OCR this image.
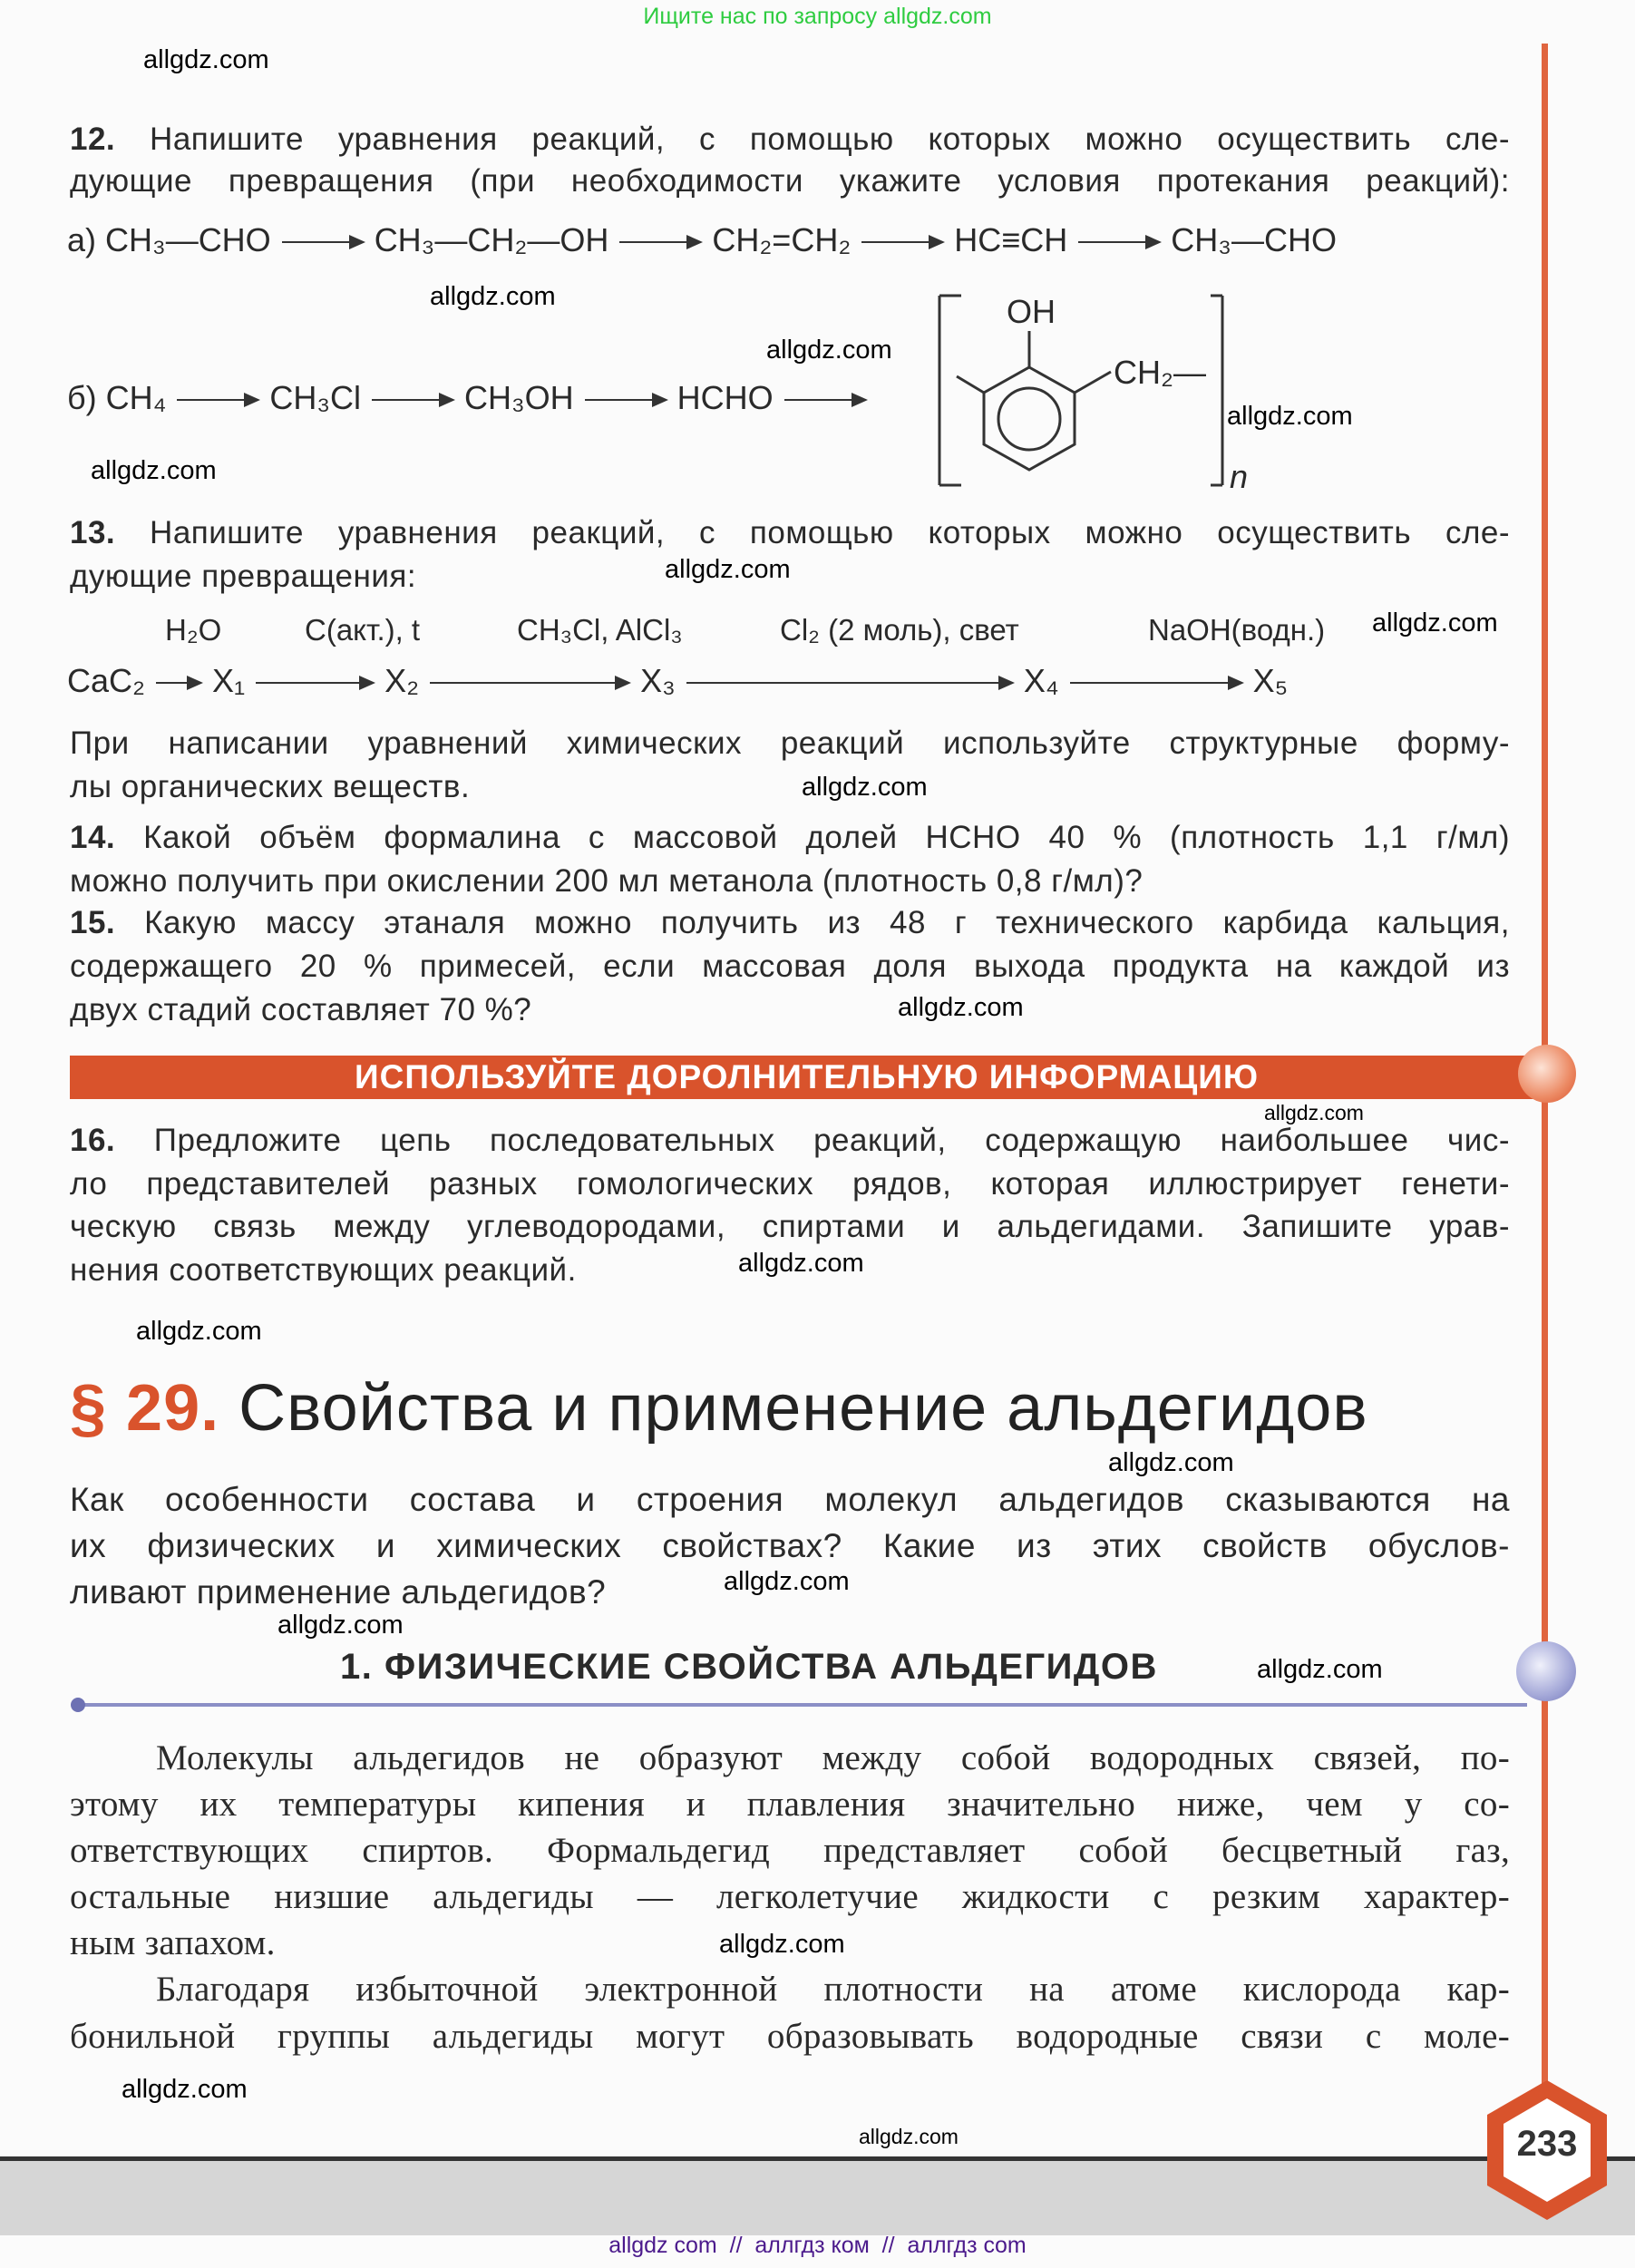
Ищите нас по запросу allgdz.com
12. Напишите уравнения реакций, с помощью которых можно осуществить сле-
дующие превращения (при необходимости укажите условия протекания реакций):
а) CH₃—CHO	CH₃—CH₂—OH	CH₂=CH₂	HC≡CH	CH₃—CHO
б) CH₄	CH₃Cl	CH₃OH	HCHO
OH
CH₂—
n
13. Напишите уравнения реакций, с помощью которых можно осуществить сле-
дующие превращения:
H₂O	C(акт.), t	CH₃Cl, AlCl₃	Cl₂ (2 моль), свет	NaOH(водн.)
CaC₂ X₁	X₂	X₃	X₄	X₅
При написании уравнений химических реакций используйте структурные форму-
лы органических веществ.
14. Какой объём формалина с массовой долей HCHO 40 % (плотность 1,1 г/мл)
можно получить при окислении 200 мл метанола (плотность 0,8 г/мл)?
15. Какую массу этаналя можно получить из 48 г технического карбида кальция,
содержащего 20 % примесей, если массовая доля выхода продукта на каждой из
двух стадий составляет 70 %?
ИСПОЛЬЗУЙТЕ ДОРОЛНИТЕЛЬНУЮ ИНФОРМАЦИЮ
16. Предложите цепь последовательных реакций, содержащую наибольшее чис-
ло представителей разных гомологических рядов, которая иллюстрирует генети-
ческую связь между углеводородами, спиртами и альдегидами. Запишите урав-
нения соответствующих реакций.
§ 29. Свойства и применение альдегидов
Как особенности состава и строения молекул альдегидов сказываются на
их физических и химических свойствах? Какие из этих свойств обуслов-
ливают применение альдегидов?
1. ФИЗИЧЕСКИЕ СВОЙСТВА АЛЬДЕГИДОВ
Молекулы альдегидов не образуют между собой водородных связей, по-
этому их температуры кипения и плавления значительно ниже, чем у со-
ответствующих спиртов. Формальдегид представляет собой бесцветный газ,
остальные низшие альдегиды — легколетучие жидкости с резким характер-
ным запахом.
Благодаря избыточной электронной плотности на атоме кислорода кар-
бонильной группы альдегиды могут образовывать водородные связи с моле-
233
allgdz com  //  аллгдз ком  //  аллгдз com
allgdz.com
allgdz.com
allgdz.com
allgdz.com
allgdz.com
allgdz.com
allgdz.com
allgdz.com
allgdz.com
allgdz.com
allgdz.com
allgdz.com
allgdz.com
allgdz.com
allgdz.com
allgdz.com
allgdz.com
allgdz.com
allgdz.com
